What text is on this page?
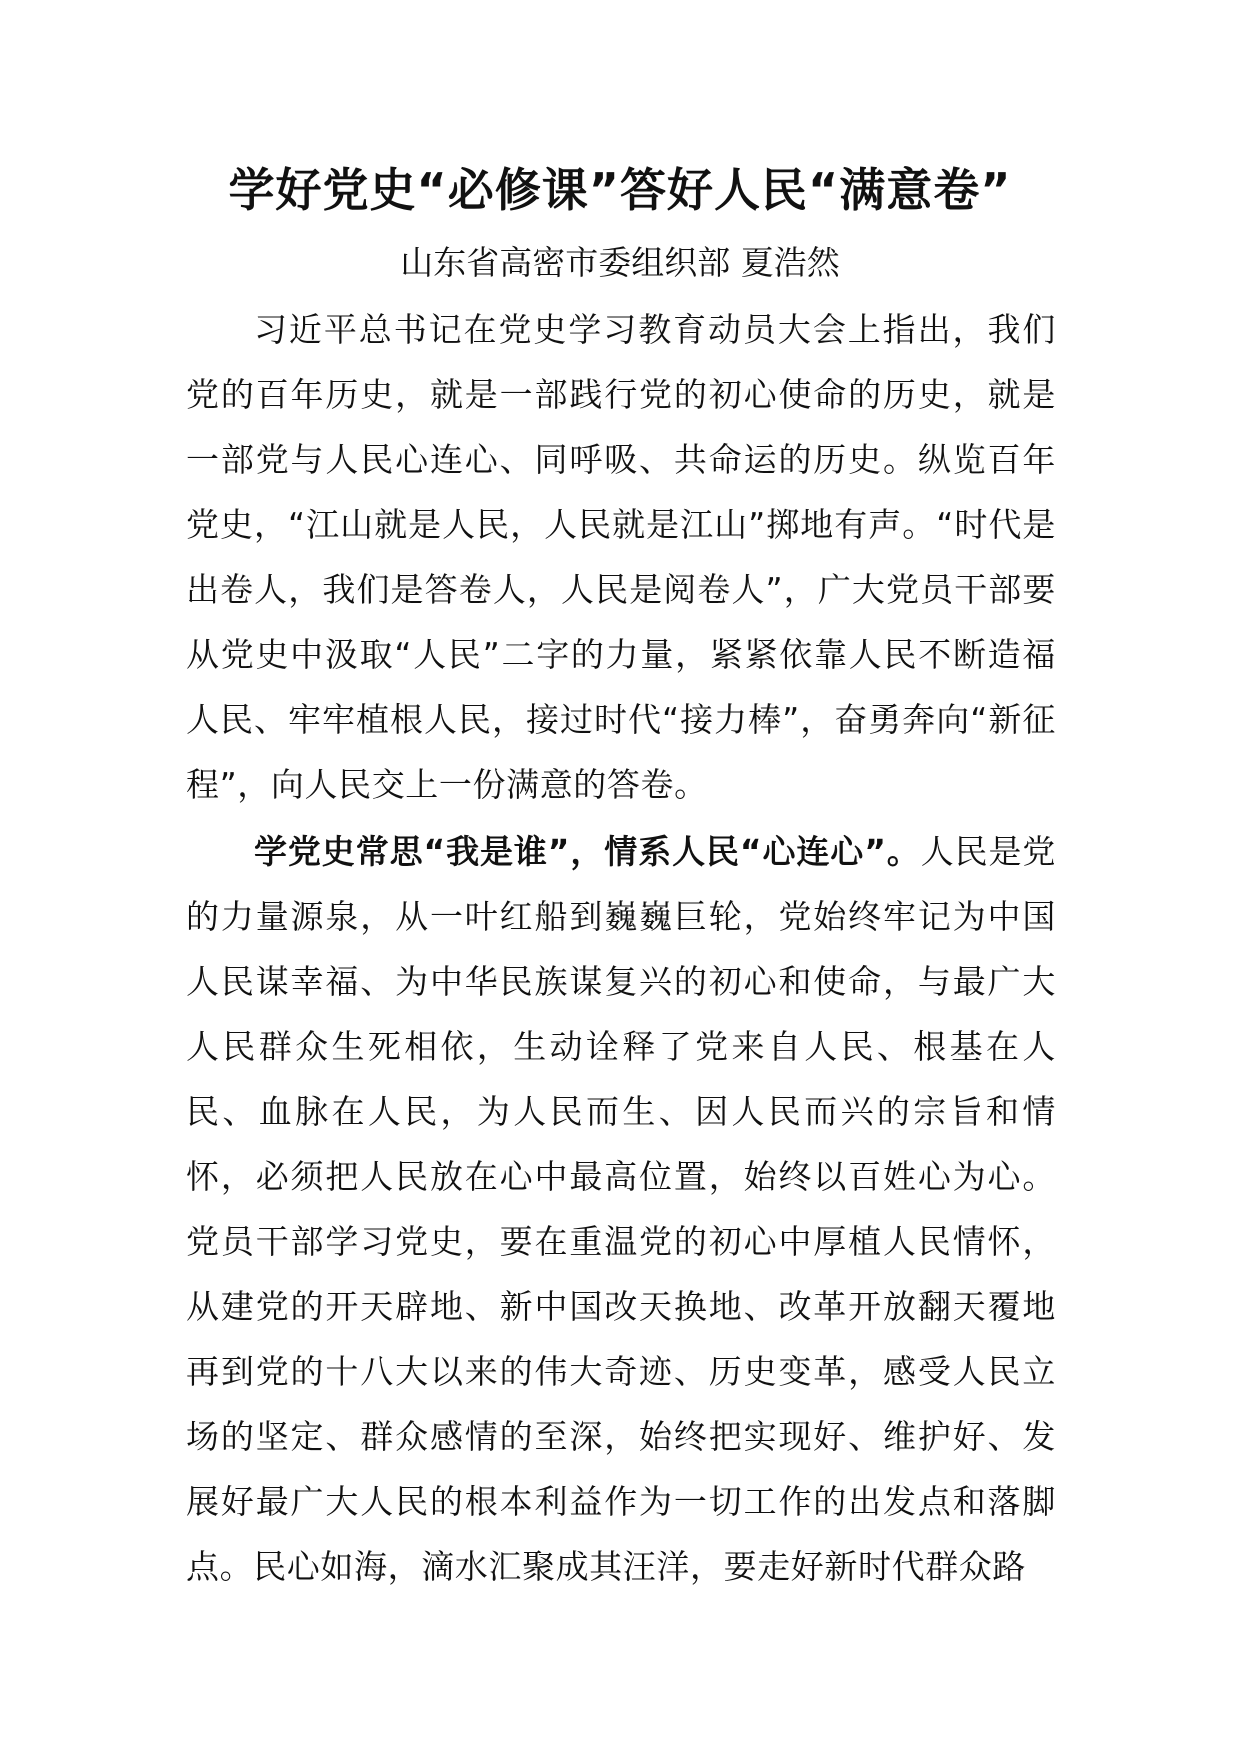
学好党史“必修课”答好人民“满意卷”
山东省高密市委组织部 夏浩然

习近平总书记在党史学习教育动员大会上指出，我们党的百年历史，就是一部践行党的初心使命的历史，就是一部党与人民心连心、同呼吸、共命运的历史。纵览百年党史，“江山就是人民，人民就是江山”掷地有声。“时代是出卷人，我们是答卷人，人民是阅卷人”，广大党员干部要从党史中汲取“人民”二字的力量，紧紧依靠人民不断造福人民、牢牢植根人民，接过时代“接力棒”，奋勇奔向“新征程”，向人民交上一份满意的答卷。

学党史常思“我是谁”，情系人民“心连心”。人民是党的力量源泉，从一叶红船到巍巍巨轮，党始终牢记为中国人民谋幸福、为中华民族谋复兴的初心和使命，与最广大人民群众生死相依，生动诠释了党来自人民、根基在人民、血脉在人民，为人民而生、因人民而兴的宗旨和情怀，必须把人民放在心中最高位置，始终以百姓心为心。党员干部学习党史，要在重温党的初心中厚植人民情怀，从建党的开天辟地、新中国改天换地、改革开放翻天覆地再到党的十八大以来的伟大奇迹、历史变革，感受人民立场的坚定、群众感情的至深，始终把实现好、维护好、发展好最广大人民的根本利益作为一切工作的出发点和落脚点。民心如海，滴水汇聚成其汪洋，要走好新时代群众路
